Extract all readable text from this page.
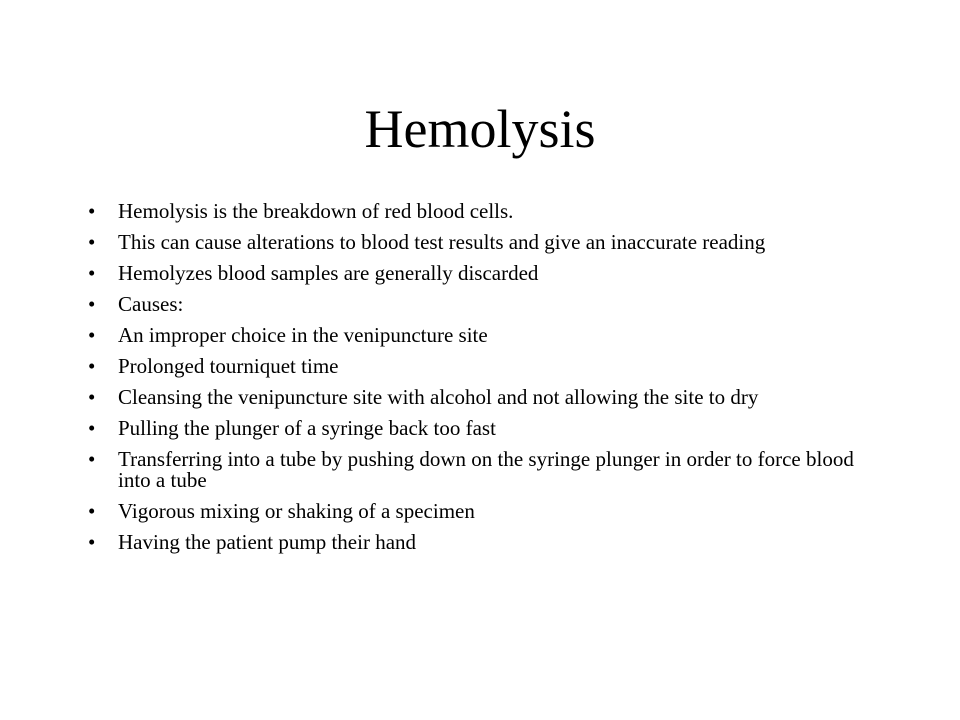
Hemolysis
•	Hemolysis is the breakdown of red blood cells.
•	This can cause alterations to blood test results and give an inaccurate reading
•	Hemolyzes blood samples are generally discarded
•	Causes:
•	An improper choice in the venipuncture site
•	Prolonged tourniquet time
•	Cleansing the venipuncture site with alcohol and not allowing the site to dry
•	Pulling the plunger of a syringe back too fast
•	Transferring into a tube by pushing down on the syringe plunger in order to force blood into a tube
•	Vigorous mixing or shaking of a specimen
•	Having the patient pump their hand
